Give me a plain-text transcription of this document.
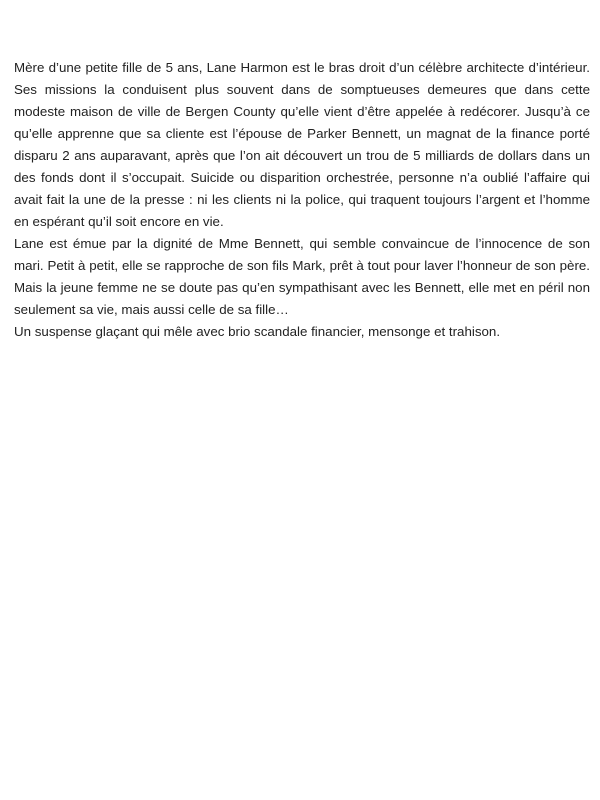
Mère d’une petite fille de 5 ans, Lane Harmon est le bras droit d’un célèbre architecte d’intérieur. Ses missions la conduisent plus souvent dans de somptueuses demeures que dans cette modeste maison de ville de Bergen County qu’elle vient d’être appelée à redécorer. Jusqu’à ce qu’elle apprenne que sa cliente est l’épouse de Parker Bennett, un magnat de la finance porté disparu 2 ans auparavant, après que l’on ait découvert un trou de 5 milliards de dollars dans un des fonds dont il s’occupait. Suicide ou disparition orchestrée, personne n’a oublié l’affaire qui avait fait la une de la presse : ni les clients ni la police, qui traquent toujours l’argent et l’homme en espérant qu’il soit encore en vie.

Lane est émue par la dignité de Mme Bennett, qui semble convaincue de l’innocence de son mari. Petit à petit, elle se rapproche de son fils Mark, prêt à tout pour laver l’honneur de son père. Mais la jeune femme ne se doute pas qu’en sympathisant avec les Bennett, elle met en péril non seulement sa vie, mais aussi celle de sa fille…

Un suspense glaçant qui mêle avec brio scandale financier, mensonge et trahison.
